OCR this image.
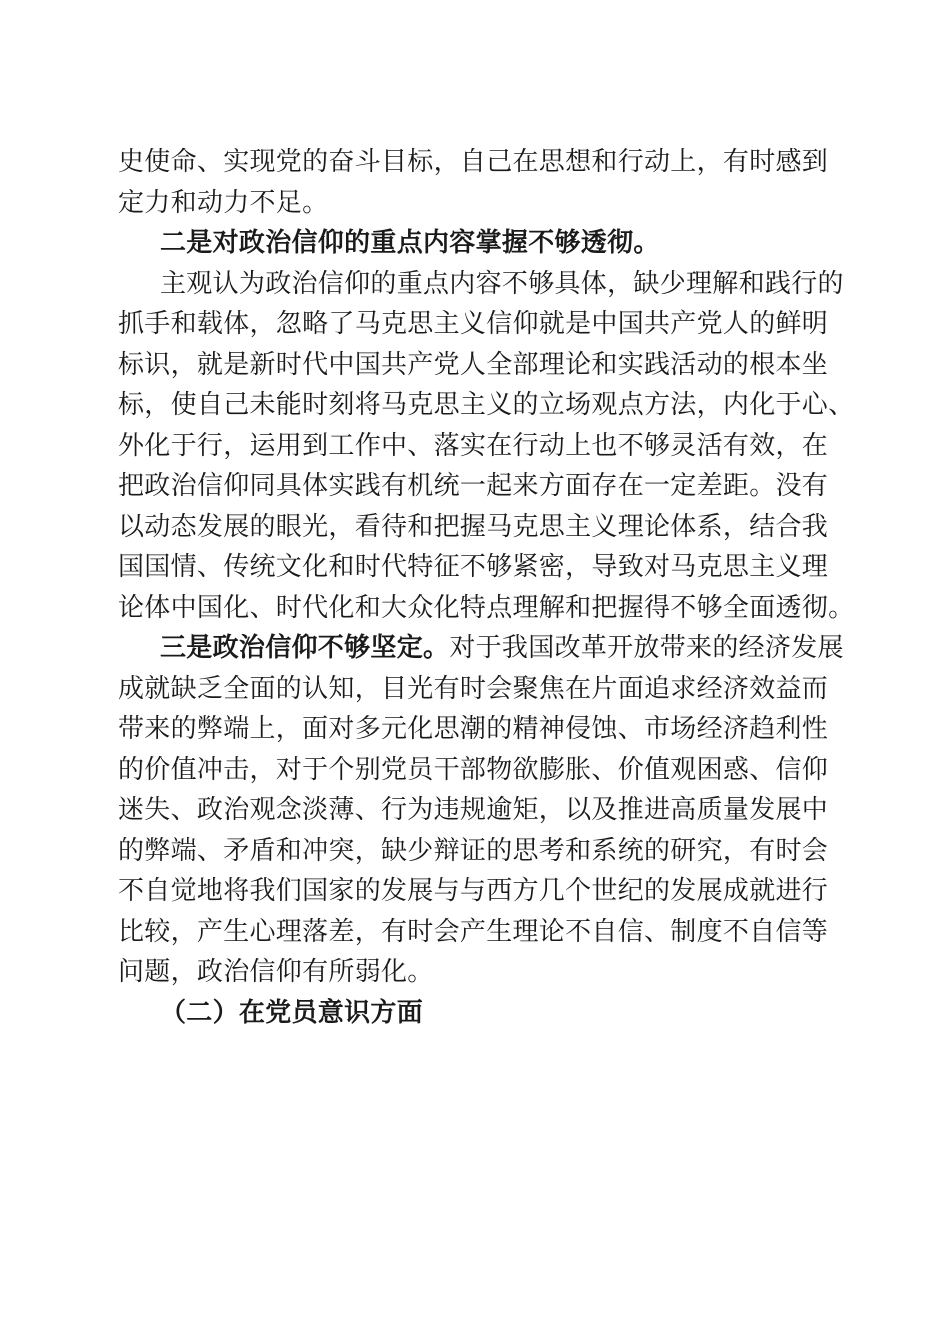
史使命、实现党的奋斗目标，自己在思想和行动上，有时感到
定力和动力不足。
二是对政治信仰的重点内容掌握不够透彻。
主观认为政治信仰的重点内容不够具体，缺少理解和践行的
抓手和载体，忽略了马克思主义信仰就是中国共产党人的鲜明
标识，就是新时代中国共产党人全部理论和实践活动的根本坐
标，使自己未能时刻将马克思主义的立场观点方法，内化于心、
外化于行，运用到工作中、落实在行动上也不够灵活有效，在
把政治信仰同具体实践有机统一起来方面存在一定差距。没有
以动态发展的眼光，看待和把握马克思主义理论体系，结合我
国国情、传统文化和时代特征不够紧密，导致对马克思主义理
论体中国化、时代化和大众化特点理解和把握得不够全面透彻。
三是政治信仰不够坚定。对于我国改革开放带来的经济发展
成就缺乏全面的认知，目光有时会聚焦在片面追求经济效益而
带来的弊端上，面对多元化思潮的精神侵蚀、市场经济趋利性
的价值冲击，对于个别党员干部物欲膨胀、价值观困惑、信仰
迷失、政治观念淡薄、行为违规逾矩，以及推进高质量发展中
的弊端、矛盾和冲突，缺少辩证的思考和系统的研究，有时会
不自觉地将我们国家的发展与与西方几个世纪的发展成就进行
比较，产生心理落差，有时会产生理论不自信、制度不自信等
问题，政治信仰有所弱化。
（二）在党员意识方面
